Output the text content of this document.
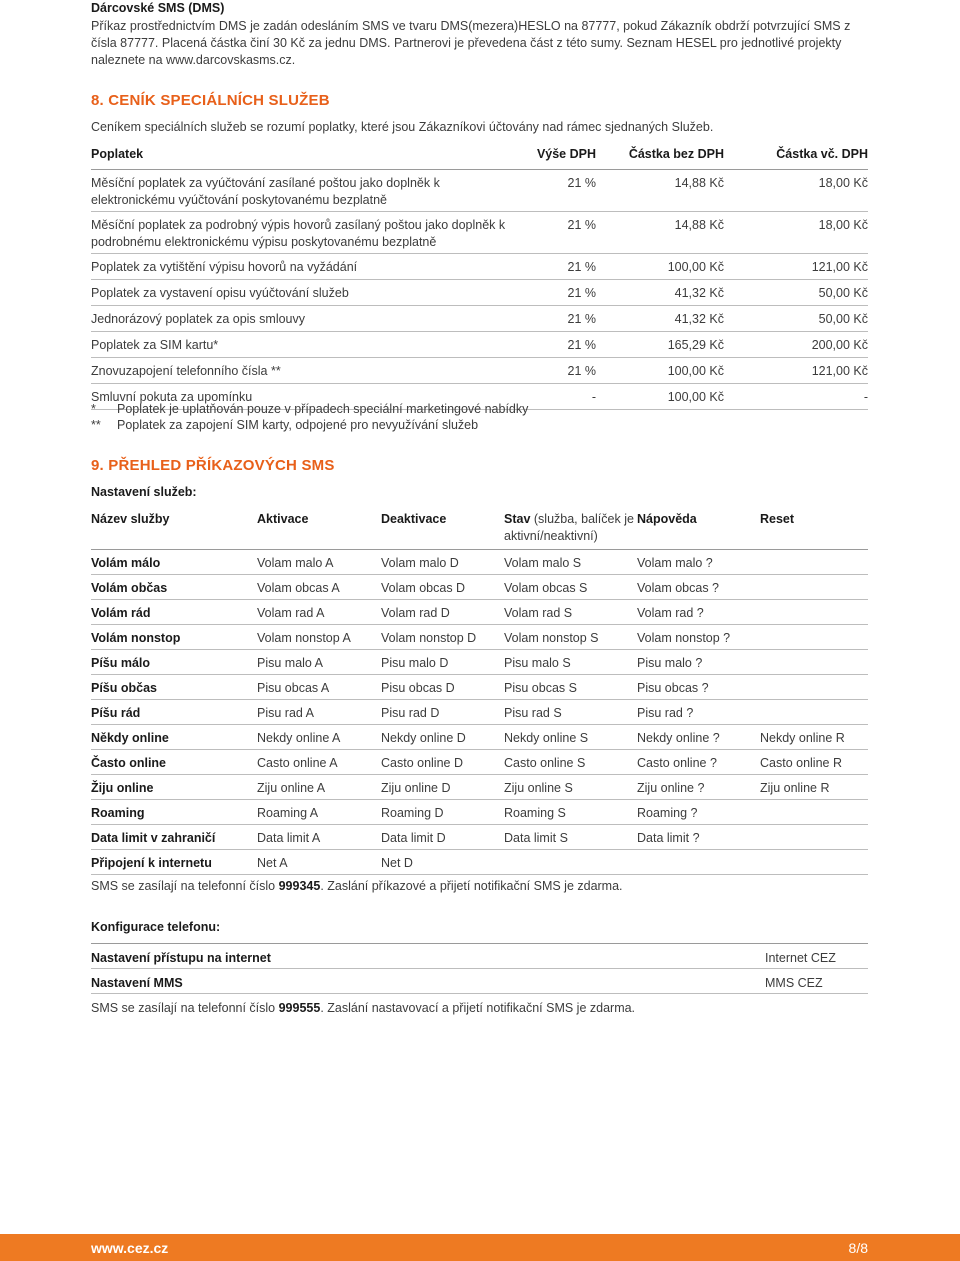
Dárcovské SMS (DMS)

Příkaz prostřednictvím DMS je zadán odesláním SMS ve tvaru DMS(mezera)HESLO na 87777, pokud Zákazník obdrží potvrzující SMS z čísla 87777. Placená částka činí 30 Kč za jednu DMS. Partnerovi je převedena část z této sumy. Seznam HESEL pro jednotlivé projekty naleznete na www.darcovskasms.cz.

8. CENÍK SPECIÁLNÍCH SLUŽEB

Ceníkem speciálních služeb se rozumí poplatky, které jsou Zákazníkovi účtovány nad rámec sjednaných Služeb.

Poplatek	Výše DPH	Částka bez DPH	Částka vč. DPH
Měsíční poplatek za vyúčtování zasílané poštou jako doplněk k elektronickému vyúčtování poskytovanému bezplatně	21 %	14,88 Kč	18,00 Kč
Měsíční poplatek za podrobný výpis hovorů zasílaný poštou jako doplněk k podrobnému elektronickému výpisu poskytovanému bezplatně	21 %	14,88 Kč	18,00 Kč
Poplatek za vytištění výpisu hovorů na vyžádání	21 %	100,00 Kč	121,00 Kč
Poplatek za vystavení opisu vyúčtování služeb	21 %	41,32 Kč	50,00 Kč
Jednorázový poplatek za opis smlouvy	21 %	41,32 Kč	50,00 Kč
Poplatek za SIM kartu*	21 %	165,29 Kč	200,00 Kč
Znovuzapojení telefonního čísla **	21 %	100,00 Kč	121,00 Kč
Smluvní pokuta za upomínku	-	100,00 Kč	-
*	Poplatek je uplatňován pouze v případech speciální marketingové nabídky
**	Poplatek za zapojení SIM karty, odpojené pro nevyužívání služeb
9. PŘEHLED PŘÍKAZOVÝCH SMS
Nastavení služeb:
Název služby	Aktivace	Deaktivace	Stav (služba, balíček je aktivní/neaktivní)	Nápověda	Reset
Volám málo	Volam malo A	Volam malo D	Volam malo S	Volam malo ?	
Volám občas	Volam obcas A	Volam obcas D	Volam obcas S	Volam obcas ?	
Volám rád	Volam rad A	Volam rad D	Volam rad S	Volam rad ?	
Volám nonstop	Volam nonstop A	Volam nonstop D	Volam nonstop S	Volam nonstop ?	
Píšu málo	Pisu malo A	Pisu malo D	Pisu malo S	Pisu malo ?	
Píšu občas	Pisu obcas A	Pisu obcas D	Pisu obcas S	Pisu obcas ?	
Píšu rád	Pisu rad A	Pisu rad D	Pisu rad S	Pisu rad ?	
Někdy online	Nekdy online A	Nekdy online D	Nekdy online S	Nekdy online ?	Nekdy online R
Často online	Casto online A	Casto online D	Casto online S	Casto online ?	Casto online R
Žiju online	Ziju online A	Ziju online D	Ziju online S	Ziju online ?	Ziju online R
Roaming	Roaming A	Roaming D	Roaming S	Roaming ?	
Data limit v zahraničí	Data limit A	Data limit D	Data limit S	Data limit ?	
Připojení k internetu	Net A	Net D			

SMS se zasílají na telefonní číslo 999345. Zaslání příkazové a přijetí notifikační SMS je zdarma.

Konfigurace telefonu:
Nastavení přístupu na internet	Internet CEZ
Nastavení MMS	MMS CEZ

SMS se zasílají na telefonní číslo 999555. Zaslání nastavovací a přijetí notifikační SMS je zdarma.

www.cez.cz	8/8
